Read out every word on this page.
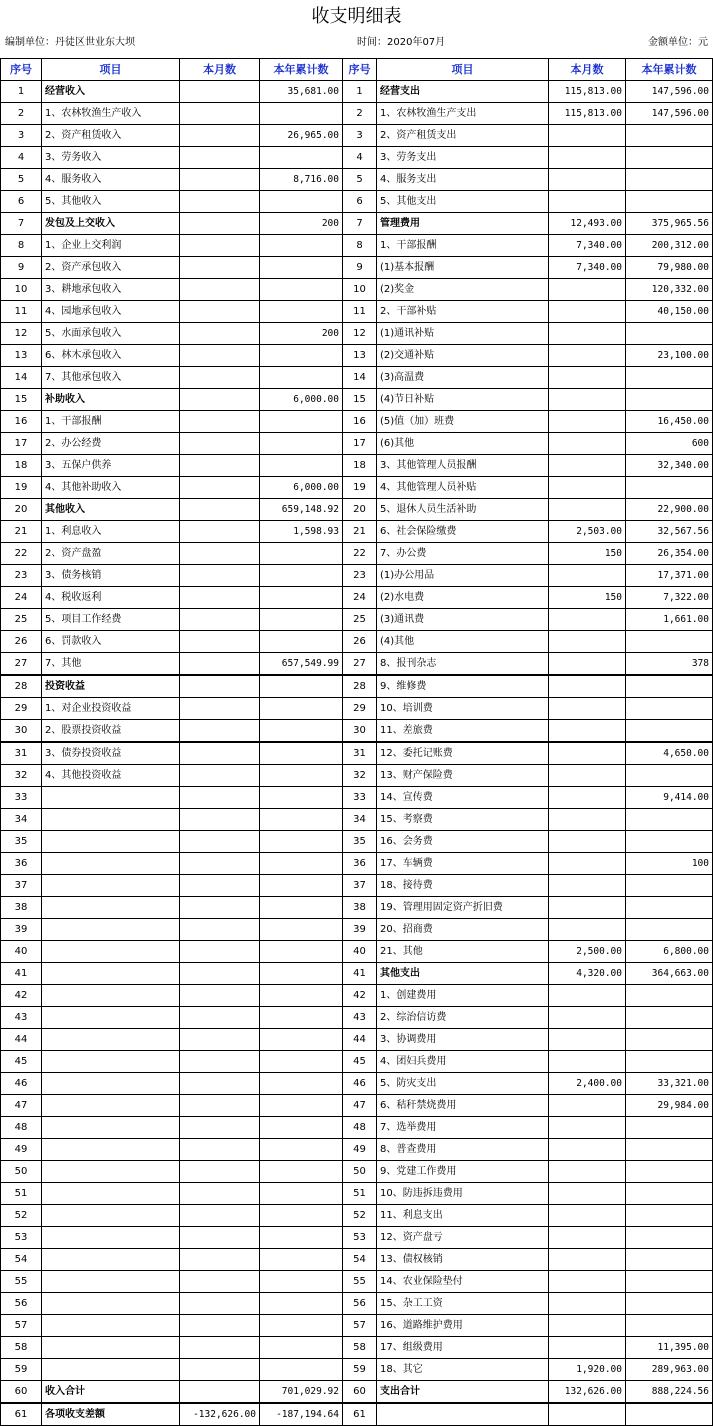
收支明细表
编制单位：丹徒区世业东大坝	时间：2020年07月	金额单位：元
序号	项目	本月数	本年累计数	序号	项目	本月数	本年累计数
1	经营收入		35,681.00	1	经营支出	115,813.00	147,596.00
2	1、农林牧渔生产收入			2	1、农林牧渔生产支出	115,813.00	147,596.00
3	2、资产租赁收入		26,965.00	3	2、资产租赁支出		
4	3、劳务收入			4	3、劳务支出		
5	4、服务收入		8,716.00	5	4、服务支出		
6	5、其他收入			6	5、其他支出		
7	发包及上交收入		200	7	管理费用	12,493.00	375,965.56
8	1、企业上交利润			8	1、干部报酬	7,340.00	200,312.00
9	2、资产承包收入			9	(1)基本报酬	7,340.00	79,980.00
10	3、耕地承包收入			10	(2)奖金		120,332.00
11	4、园地承包收入			11	2、干部补贴		40,150.00
12	5、水面承包收入		200	12	(1)通讯补贴		
13	6、林木承包收入			13	(2)交通补贴		23,100.00
14	7、其他承包收入			14	(3)高温费		
15	补助收入		6,000.00	15	(4)节日补贴		
16	1、干部报酬			16	(5)值（加）班费		16,450.00
17	2、办公经费			17	(6)其他		600
18	3、五保户供养			18	3、其他管理人员报酬		32,340.00
19	4、其他补助收入		6,000.00	19	4、其他管理人员补贴		
20	其他收入		659,148.92	20	5、退休人员生活补助		22,900.00
21	1、利息收入		1,598.93	21	6、社会保险缴费	2,503.00	32,567.56
22	2、资产盘盈			22	7、办公费	150	26,354.00
23	3、债务核销			23	(1)办公用品		17,371.00
24	4、税收返利			24	(2)水电费	150	7,322.00
25	5、项目工作经费			25	(3)通讯费		1,661.00
26	6、罚款收入			26	(4)其他		
27	7、其他		657,549.99	27	8、报刊杂志		378
28	投资收益			28	9、维修费		
29	1、对企业投资收益			29	10、培训费		
30	2、股票投资收益			30	11、差旅费		
31	3、债券投资收益			31	12、委托记账费		4,650.00
32	4、其他投资收益			32	13、财产保险费		
33				33	14、宣传费		9,414.00
34				34	15、考察费		
35				35	16、会务费		
36				36	17、车辆费		100
37				37	18、接待费		
38				38	19、管理用固定资产折旧费		
39				39	20、招商费		
40				40	21、其他	2,500.00	6,800.00
41				41	其他支出	4,320.00	364,663.00
42				42	1、创建费用		
43				43	2、综治信访费		
44				44	3、协调费用		
45				45	4、团妇兵费用		
46				46	5、防灾支出	2,400.00	33,321.00
47				47	6、秸秆禁烧费用		29,984.00
48				48	7、选举费用		
49				49	8、普查费用		
50				50	9、党建工作费用		
51				51	10、防违拆违费用		
52				52	11、利息支出		
53				53	12、资产盘亏		
54				54	13、债权核销		
55				55	14、农业保险垫付		
56				56	15、杂工工资		
57				57	16、道路维护费用		
58				58	17、组级费用		11,395.00
59				59	18、其它	1,920.00	289,963.00
60	收入合计		701,029.92	60	支出合计	132,626.00	888,224.56
61	各项收支差额	-132,626.00	-187,194.64	61			
